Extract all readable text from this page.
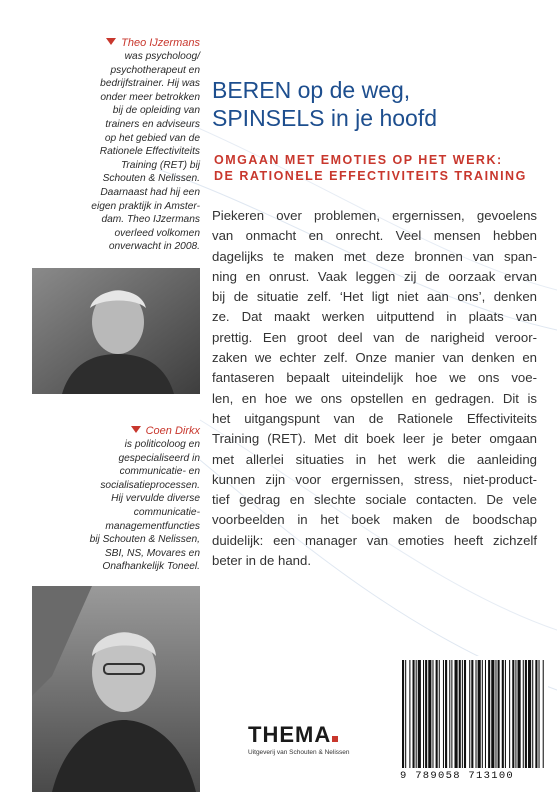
Theo IJzermans
was psycholoog/
psychotherapeut en
bedrijfstrainer. Hij was
onder meer betrokken
bij de opleiding van
trainers en adviseurs
op het gebied van de
Rationele Effectiviteits
Training (RET) bij
Schouten & Nelissen.
Daarnaast had hij een
eigen praktijk in Amster-
dam. Theo IJzermans
overleed volkomen
onverwacht in 2008.
Coen Dirkx
is politicoloog en
gespecialiseerd in
communicatie- en
socialisatieprocessen.
Hij vervulde diverse
communicatie-
managementfuncties
bij Schouten & Nelissen,
SBI, NS, Movares en
Onafhankelijk Toneel.
BEREN op de weg,
SPINSELS in je hoofd
OMGAAN MET EMOTIES OP HET WERK:
DE RATIONELE EFFECTIVITEITS TRAINING
Piekeren over problemen, ergernissen, gevoelens
van onmacht en onrecht. Veel mensen hebben
dagelijks te maken met deze bronnen van span-
ning en onrust. Vaak leggen zij de oorzaak ervan
bij de situatie zelf. ‘Het ligt niet aan ons’, denken
ze. Dat maakt werken uitputtend in plaats van
prettig. Een groot deel van de narigheid veroor-
zaken we echter zelf. Onze manier van denken en
fantaseren bepaalt uiteindelijk hoe we ons voe-
len, en hoe we ons opstellen en gedragen. Dit is
het uitgangspunt van de Rationele Effectiviteits
Training (RET). Met dit boek leer je beter omgaan
met allerlei situaties in het werk die aanleiding
kunnen zijn voor ergernissen, stress, niet-product-
tief gedrag en slechte sociale contacten. De vele
voorbeelden in het boek maken de boodschap
duidelijk: een manager van emoties heeft zichzelf
beter in de hand.
THEMA
Uitgeverij van Schouten & Nelissen
9 789058 713100
